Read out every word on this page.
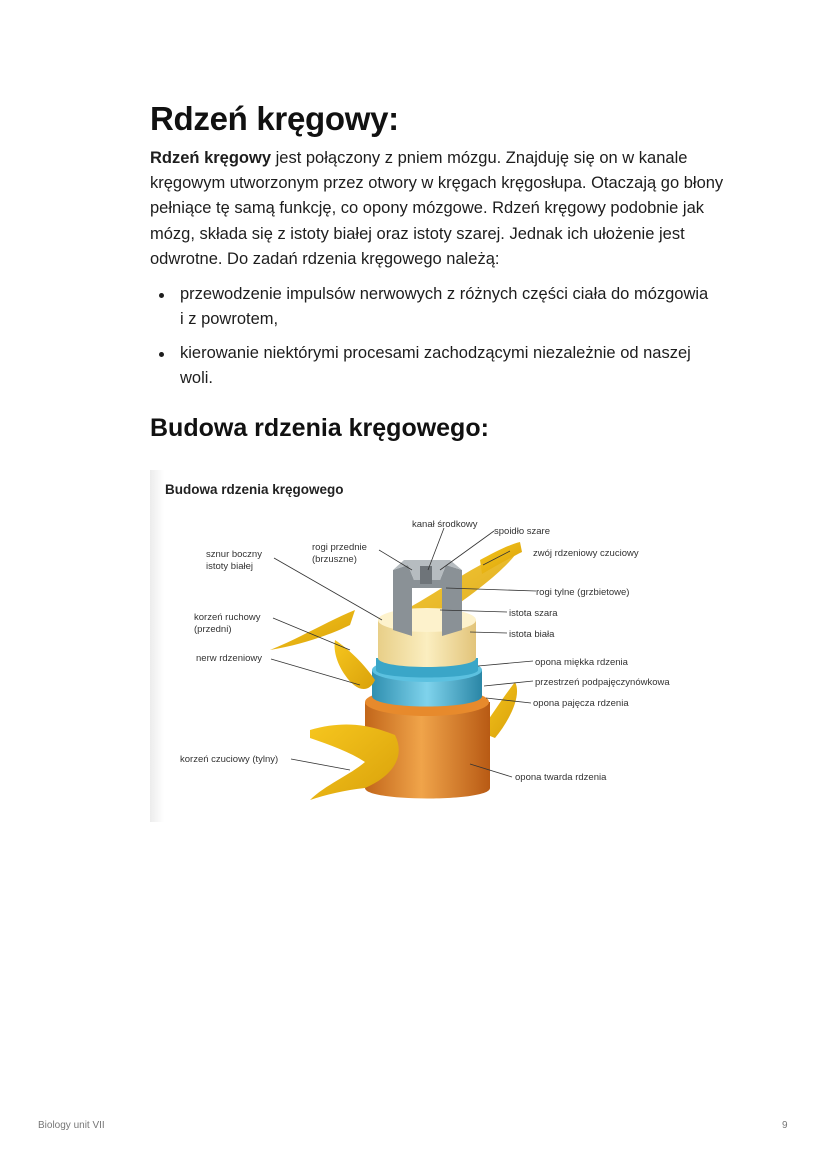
Rdzeń kręgowy:

Rdzeń kręgowy jest połączony z pniem mózgu. Znajduję się on w kanale kręgowym utworzonym przez otwory w kręgach kręgosłupa. Otaczają go błony pełniące tę samą funkcję, co opony mózgowe. Rdzeń kręgowy podobnie jak mózg, składa się z istoty białej oraz istoty szarej. Jednak ich ułożenie jest odwrotne. Do zadań rdzenia kręgowego należą:

przewodzenie impulsów nerwowych z różnych części ciała do mózgowia i z powrotem,
kierowanie niektórymi procesami zachodzącymi niezależnie od naszej woli.
Budowa rdzenia kręgowego:
Budowa rdzenia kręgowego
kanał środkowy
spoidło szare
zwój rdzeniowy czuciowy
rogi przednie
(brzuszne)
sznur boczny
istoty białej
rogi tylne (grzbietowe)
istota szara
istota biała
korzeń ruchowy
(przedni)
nerw rdzeniowy	opona miękka rdzenia
przestrzeń podpajęczynówkowa
opona pajęcza rdzenia
korzeń czuciowy (tylny)
opona twarda rdzenia
Biology unit VII	9
